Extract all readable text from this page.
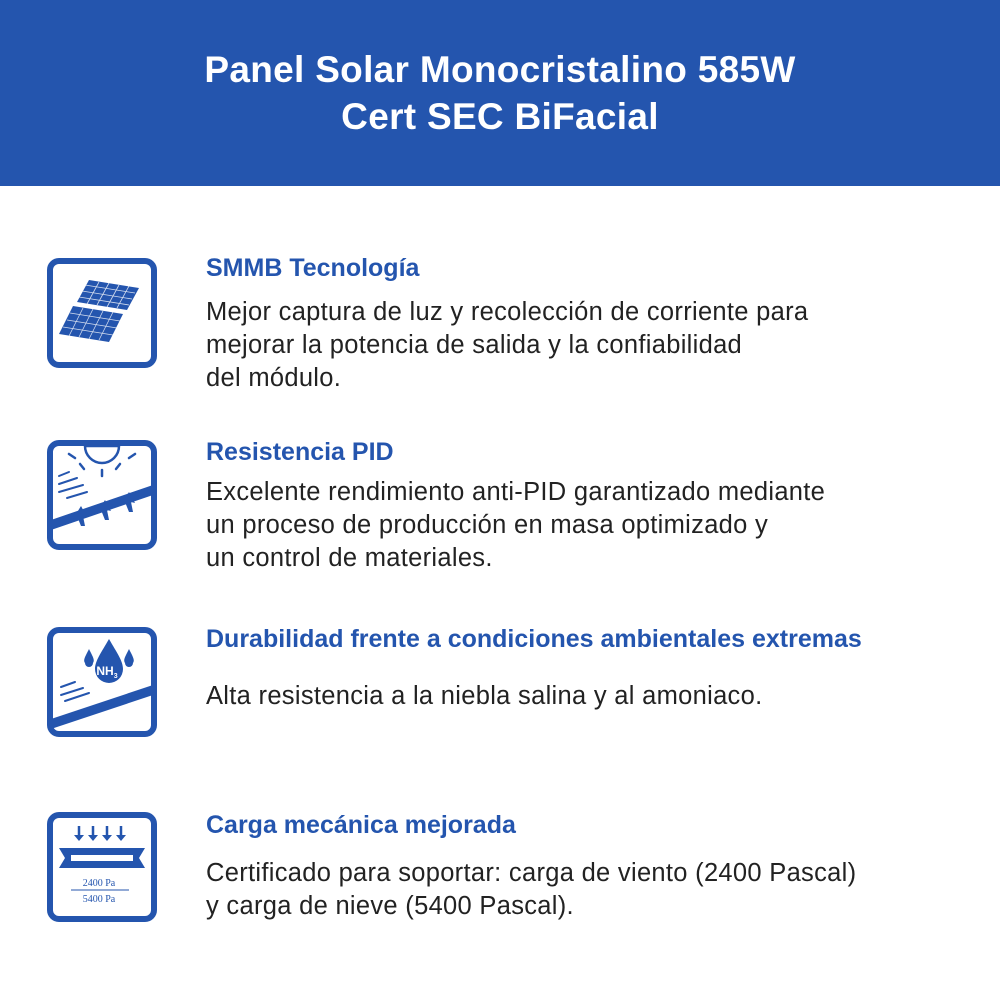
Panel Solar Monocristalino 585W
Cert SEC BiFacial
SMMB Tecnología
Mejor captura de luz y recolección de corriente para
mejorar la potencia de salida y la confiabilidad
del módulo.
Resistencia PID
Excelente rendimiento anti-PID garantizado mediante
un proceso de producción en masa optimizado y
un control de materiales.
$NH_3$
Durabilidad frente a condiciones ambientales extremas
Alta resistencia a la niebla salina y al amoniaco.
2400 Pa
5400 Pa
Carga mecánica mejorada
Certificado para soportar: carga de viento (2400 Pascal)
y carga de nieve (5400 Pascal).
